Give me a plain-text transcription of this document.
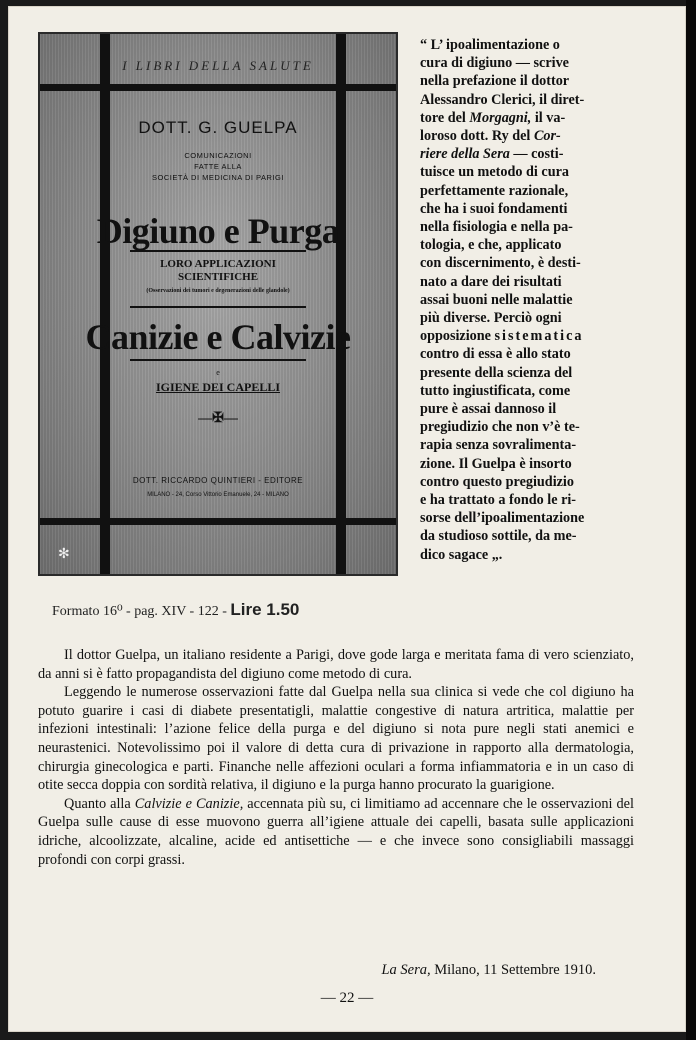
I LIBRI DELLA SALUTE
DOTT. G. GUELPA
COMUNICAZIONI
FATTE ALLA
SOCIETÀ DI MEDICINA DI PARIGI
Digiuno e Purga
LORO APPLICAZIONI
SCIENTIFICHE
(Osservazioni dei tumori e degenerazioni delle glandole)
Canizie e Calvizie
e
IGIENE DEI CAPELLI
—✠—
DOTT. RICCARDO QUINTIERI - EDITORE
MILANO - 24, Corso Vittorio Emanuele, 24 - MILANO
✻

“ L’ ipoalimentazione o

cura di digiuno — scrive

nella prefazione il dottor

Alessandro Clerici, il diret-

tore del Morgagni, il va-

loroso dott. Ry del Cor-

riere della Sera — costi-

tuisce un metodo di cura

perfettamente razionale,

che ha i suoi fondamenti

nella fisiologia e nella pa-

tologia, e che, applicato

con discernimento, è desti-

nato a dare dei risultati

assai buoni nelle malattie

più diverse. Perciò ogni

opposizione sistematica

contro di essa è allo stato

presente della scienza del

tutto ingiustificata, come

pure è assai dannoso il

pregiudizio che non v’è te-

rapia senza sovralimenta-

zione. Il Guelpa è insorto

contro questo pregiudizio

e ha trattato a fondo le ri-

sorse dell’ipoalimentazione

da studioso sottile, da me-

dico sagace „.

Formato 16⁰ - pag. XIV - 122 - Lire 1.50

Il dottor Guelpa, un italiano residente a Parigi, dove gode larga e meritata fama di vero scienziato, da anni si è fatto propagandista del digiuno come metodo di cura.

Leggendo le numerose osservazioni fatte dal Guelpa nella sua clinica si vede che col digiuno ha potuto guarire i casi di diabete presentatigli, malattie congestive di natura artritica, malattie per infezioni intestinali: l’azione felice della purga e del digiuno si nota pure negli stati anemici e neurastenici. Notevolissimo poi il valore di detta cura di privazione in rapporto alla dermatologia, chirurgia ginecologica e parti. Finanche nelle affezioni oculari a forma infiammatoria e in un caso di otite secca doppia con sordità relativa, il digiuno e la purga hanno procurato la guarigione.

Quanto alla Calvizie e Canizie, accennata più su, ci limitiamo ad accennare che le osservazioni del Guelpa sulle cause di esse muovono guerra all’igiene attuale dei capelli, basata sulle applicazioni idriche, alcoolizzate, alcaline, acide ed antisettiche — e che invece sono consigliabili massaggi profondi con corpi grassi.

La Sera, Milano, 11 Settembre 1910.
— 22 —
